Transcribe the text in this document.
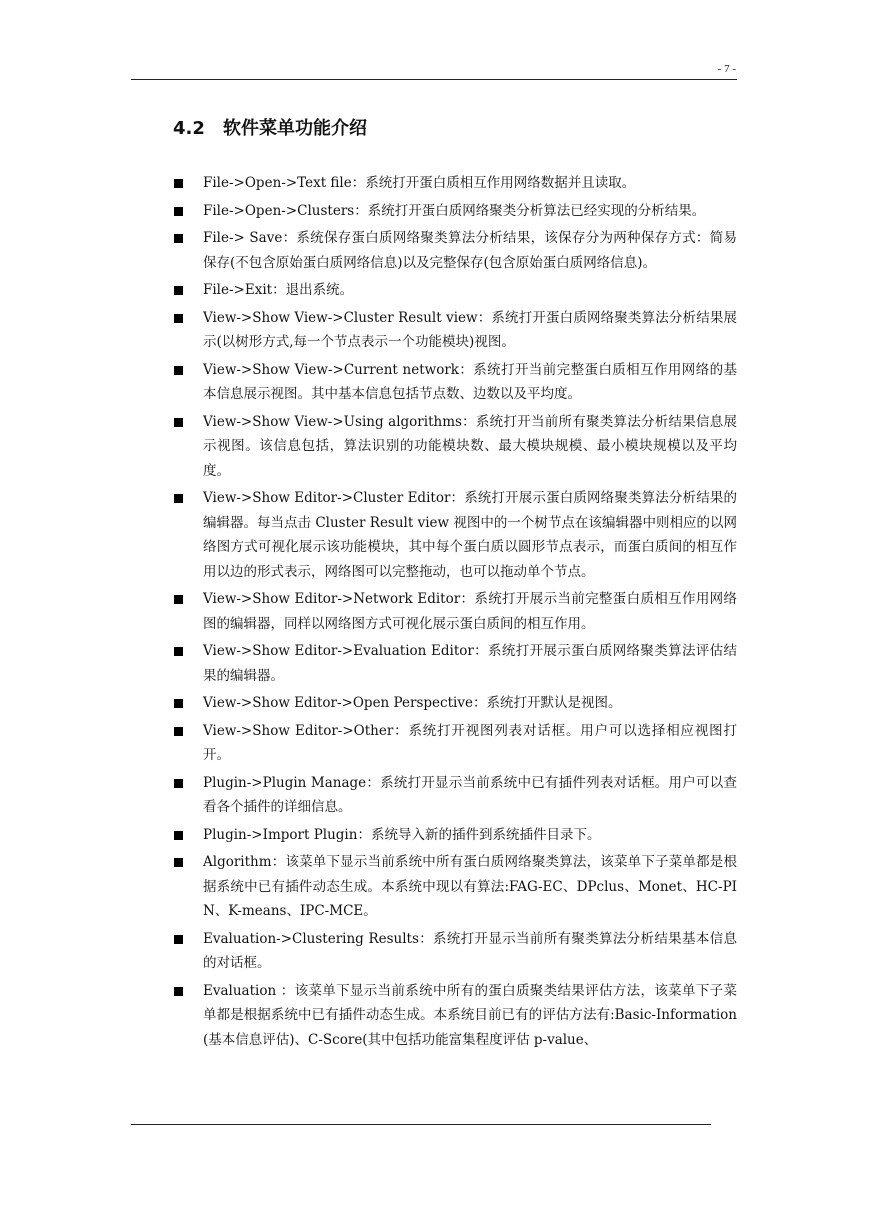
- 7 -
4.2 软件菜单功能介绍
File->Open->Text file：系统打开蛋白质相互作用网络数据并且读取。
File->Open->Clusters：系统打开蛋白质网络聚类分析算法已经实现的分析结果。
File-> Save：系统保存蛋白质网络聚类算法分析结果，该保存分为两种保存方式：简易保存(不包含原始蛋白质网络信息)以及完整保存(包含原始蛋白质网络信息)。
File->Exit：退出系统。
View->Show View->Cluster Result view：系统打开蛋白质网络聚类算法分析结果展示(以树形方式,每一个节点表示一个功能模块)视图。
View->Show View->Current network：系统打开当前完整蛋白质相互作用网络的基本信息展示视图。其中基本信息包括节点数、边数以及平均度。
View->Show View->Using algorithms：系统打开当前所有聚类算法分析结果信息展示视图。该信息包括，算法识别的功能模块数、最大模块规模、最小模块规模以及平均度。
View->Show Editor->Cluster Editor：系统打开展示蛋白质网络聚类算法分析结果的编辑器。每当点击 Cluster Result view 视图中的一个树节点在该编辑器中则相应的以网络图方式可视化展示该功能模块，其中每个蛋白质以圆形节点表示，而蛋白质间的相互作用以边的形式表示，网络图可以完整拖动，也可以拖动单个节点。
View->Show Editor->Network Editor：系统打开展示当前完整蛋白质相互作用网络图的编辑器，同样以网络图方式可视化展示蛋白质间的相互作用。
View->Show Editor->Evaluation Editor：系统打开展示蛋白质网络聚类算法评估结果的编辑器。
View->Show Editor->Open Perspective：系统打开默认是视图。
View->Show Editor->Other：系统打开视图列表对话框。用户可以选择相应视图打开。
Plugin->Plugin Manage：系统打开显示当前系统中已有插件列表对话框。用户可以查看各个插件的详细信息。
Plugin->Import Plugin：系统导入新的插件到系统插件目录下。
Algorithm：该菜单下显示当前系统中所有蛋白质网络聚类算法，该菜单下子菜单都是根据系统中已有插件动态生成。本系统中现以有算法:FAG-EC、DPclus、Monet、HC-PIN、K-means、IPC-MCE。
Evaluation->Clustering Results：系统打开显示当前所有聚类算法分析结果基本信息的对话框。
Evaluation ：该菜单下显示当前系统中所有的蛋白质聚类结果评估方法，该菜单下子菜单都是根据系统中已有插件动态生成。本系统目前已有的评估方法有:Basic-Information(基本信息评估)、C-Score(其中包括功能富集程度评估 p-value、
